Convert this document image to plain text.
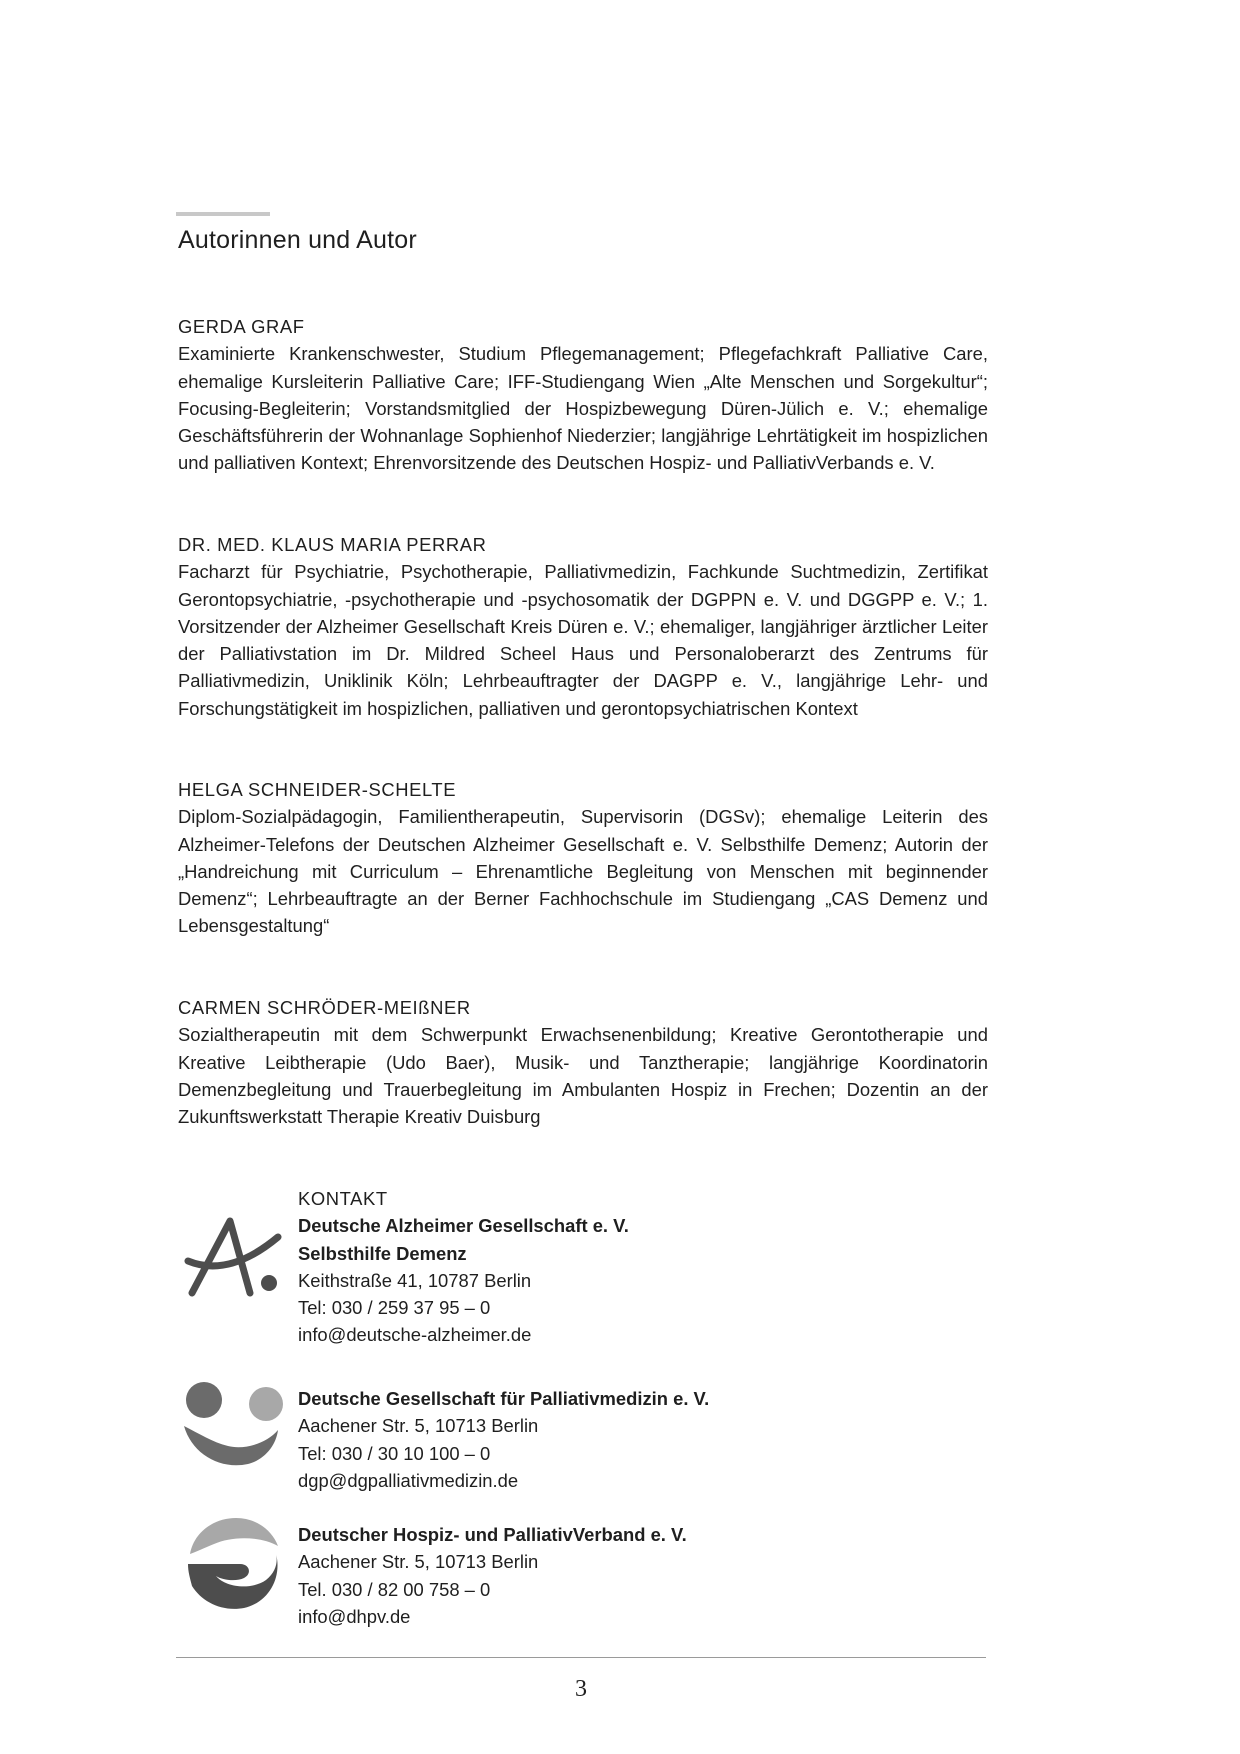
Autorinnen und Autor
GERDA GRAF
Examinierte Krankenschwester, Studium Pflegemanagement; Pflegefachkraft Palliative Care, ehemalige Kursleiterin Palliative Care; IFF-Studiengang Wien „Alte Menschen und Sorgekultur“; Focusing-Begleiterin; Vorstandsmitglied der Hospizbewegung Düren-Jülich e. V.; ehemalige Geschäftsführerin der Wohnanlage Sophienhof Niederzier; langjährige Lehrtätigkeit im hospizlichen und palliativen Kontext; Ehrenvorsitzende des Deutschen Hospiz- und PalliativVerbands e. V.
DR. MED. KLAUS MARIA PERRAR
Facharzt für Psychiatrie, Psychotherapie, Palliativmedizin, Fachkunde Suchtmedizin, Zertifikat Gerontopsychiatrie, -psychotherapie und -psychosomatik der DGPPN e. V. und DGGPP e. V.; 1. Vorsitzender der Alzheimer Gesellschaft Kreis Düren e. V.; ehemaliger, langjähriger ärztlicher Leiter der Palliativstation im Dr. Mildred Scheel Haus und Personaloberarzt des Zentrums für Palliativmedizin, Uniklinik Köln; Lehrbeauftragter der DAGPP e. V., langjährige Lehr- und Forschungstätigkeit im hospizlichen, palliativen und gerontopsychiatrischen Kontext
HELGA SCHNEIDER-SCHELTE
Diplom-Sozialpädagogin, Familientherapeutin, Supervisorin (DGSv); ehemalige Leiterin des Alzheimer-Telefons der Deutschen Alzheimer Gesellschaft e. V. Selbsthilfe Demenz; Autorin der „Handreichung mit Curriculum – Ehrenamtliche Begleitung von Menschen mit beginnender Demenz“; Lehrbeauftragte an der Berner Fachhochschule im Studiengang „CAS Demenz und Lebensgestaltung“
CARMEN SCHRÖDER-MEIßNER
Sozialtherapeutin mit dem Schwerpunkt Erwachsenenbildung; Kreative Gerontotherapie und Kreative Leibtherapie (Udo Baer), Musik- und Tanztherapie; langjährige Koordinatorin Demenzbegleitung und Trauerbegleitung im Ambulanten Hospiz in Frechen; Dozentin an der Zukunftswerkstatt Therapie Kreativ Duisburg
KONTAKT
Deutsche Alzheimer Gesellschaft e. V.
Selbsthilfe Demenz
Keithstraße 41, 10787 Berlin
Tel: 030 / 259 37 95 – 0
info@deutsche-alzheimer.de
Deutsche Gesellschaft für Palliativmedizin e. V.
Aachener Str. 5, 10713 Berlin
Tel: 030 / 30 10 100 – 0
dgp@dgpalliativmedizin.de
Deutscher Hospiz- und PalliativVerband e. V.
Aachener Str. 5, 10713 Berlin
Tel. 030 / 82 00 758 – 0
info@dhpv.de
3
